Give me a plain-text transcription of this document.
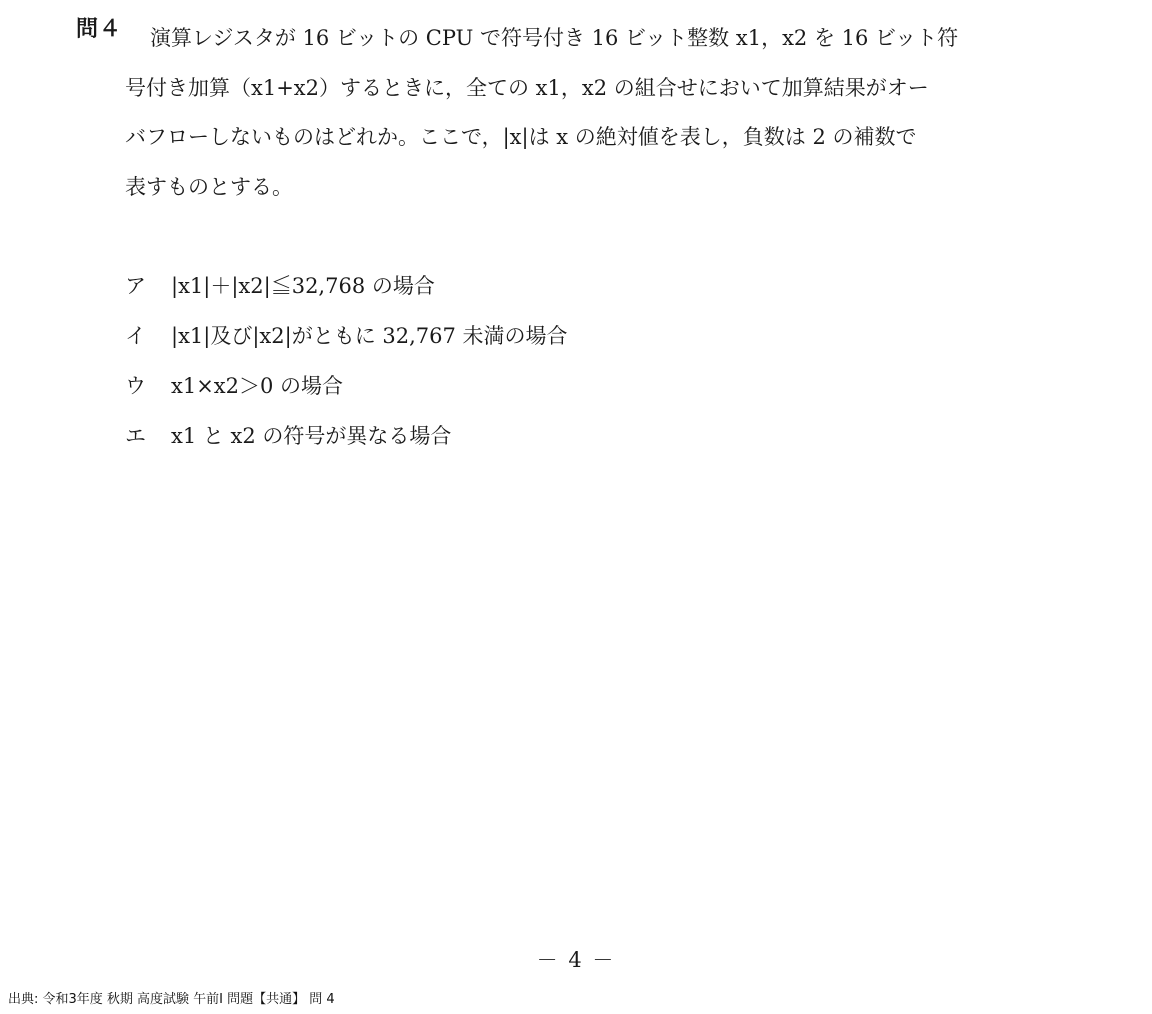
問４	演算レジスタが 16 ビットの CPU で符号付き 16 ビット整数 x1，x2 を 16 ビット符
号付き加算（x1+x2）するときに，全ての x1，x2 の組合せにおいて加算結果がオー
バフローしないものはどれか。ここで，|x|は x の絶対値を表し，負数は 2 の補数で
表すものとする。
ア	|x1|＋|x2|≦32,768 の場合
イ	|x1|及び|x2|がともに 32,767 未満の場合
ウ	x1×x2＞0 の場合
エ	x1 と x2 の符号が異なる場合
－ 4 －
出典: 令和3年度 秋期 高度試験 午前I 問題【共通】 問 4
